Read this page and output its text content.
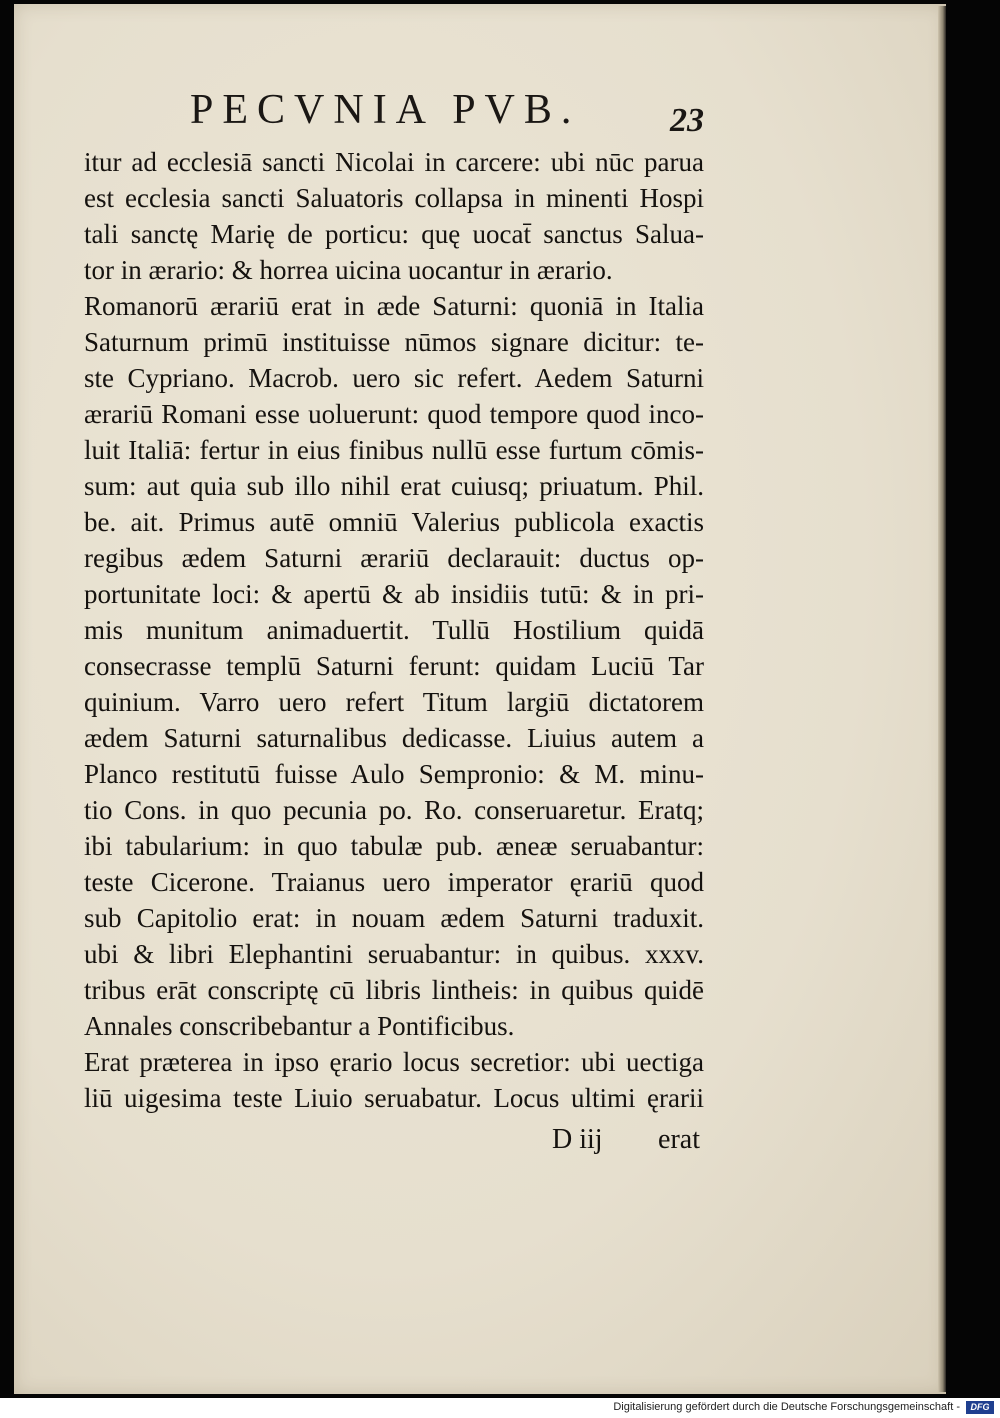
PECVNIA PVB.	23
itur ad ecclesiā sancti Nicolai in carcere: ubi nūc parua
est ecclesia sancti Saluatoris collapsa in minenti Hospi
tali sanctę Marię de porticu: quę uocat̄ sanctus Salua-
tor in ærario: & horrea uicina uocantur in ærario.
Romanorū ærariū erat in æde Saturni: quoniā in Italia
Saturnum primū instituisse nūmos signare dicitur: te-
ste Cypriano. Macrob. uero sic refert. Aedem Saturni
ærariū Romani esse uoluerunt: quod tempore quod inco-
luit Italiā: fertur in eius finibus nullū esse furtum cōmis-
sum: aut quia sub illo nihil erat cuiusq; priuatum. Phil.
be. ait. Primus autē omniū Valerius publicola exactis
regibus ædem Saturni ærariū declarauit: ductus op-
portunitate loci: & apertū & ab insidiis tutū: & in pri-
mis munitum animaduertit. Tullū Hostilium quidā
consecrasse templū Saturni ferunt: quidam Luciū Tar
quinium. Varro uero refert Titum largiū dictatorem
ædem Saturni saturnalibus dedicasse. Liuius autem a
Planco restitutū fuisse Aulo Sempronio: & M. minu-
tio Cons. in quo pecunia po. Ro. conseruaretur. Eratq;
ibi tabularium: in quo tabulæ pub. æneæ seruabantur:
teste Cicerone. Traianus uero imperator ęrariū quod
sub Capitolio erat: in nouam ædem Saturni traduxit.
ubi & libri Elephantini seruabantur: in quibus. xxxv.
tribus erāt conscriptę cū libris lintheis: in quibus quidē
Annales conscribebantur a Pontificibus.
Erat præterea in ipso ęrario locus secretior: ubi uectiga
liū uigesima teste Liuio seruabatur. Locus ultimi ęrarii
D iij erat
Digitalisierung gefördert durch die Deutsche Forschungsgemeinschaft -	DFG
